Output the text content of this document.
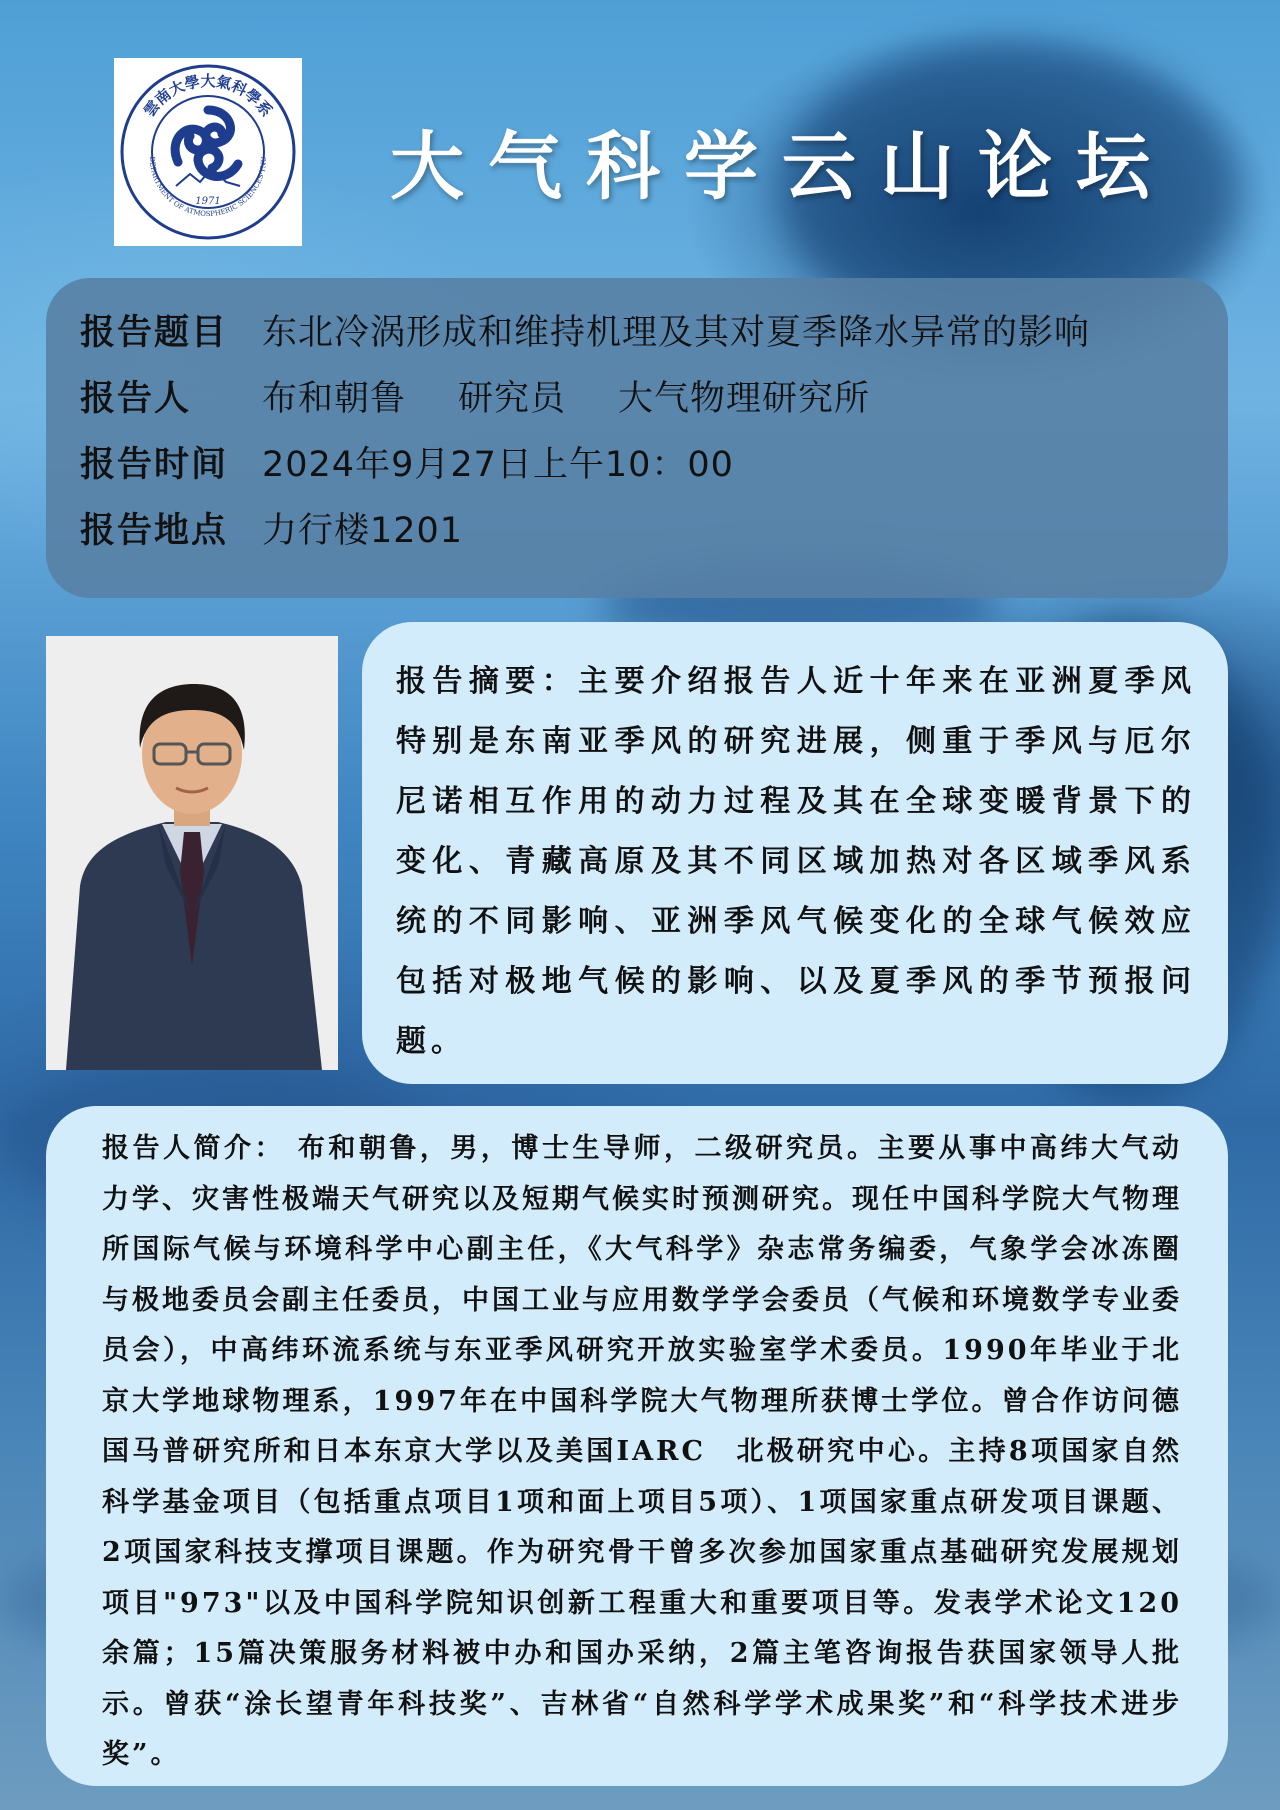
雲南大學大氣科學系
DEPARTMENT OF ATMOSPHERIC SCIENCES·YNU
1971 大气科学云山论坛
报告题目 东北冷涡形成和维持机理及其对夏季降水异常的影响
报告人	布和朝鲁 研究员 大气物理研究所
报告时间 2024年9月27日上午10：00
报告地点 力行楼1201
报告摘要：主要介绍报告人近十年来在亚洲夏季风特别是东南亚季风的研究进展，侧重于季风与厄尔尼诺相互作用的动力过程及其在全球变暖背景下的变化、青藏高原及其不同区域加热对各区域季风系统的不同影响、亚洲季风气候变化的全球气候效应包括对极地气候的影响、以及夏季风的季节预报问题。
报告人简介： 布和朝鲁，男，博士生导师，二级研究员。主要从事中高纬大气动力学、灾害性极端天气研究以及短期气候实时预测研究。现任中国科学院大气物理所国际气候与环境科学中心副主任，《大气科学》杂志常务编委，气象学会冰冻圈与极地委员会副主任委员，中国工业与应用数学学会委员（气候和环境数学专业委员会），中高纬环流系统与东亚季风研究开放实验室学术委员。1990年毕业于北京大学地球物理系，1997年在中国科学院大气物理所获博士学位。曾合作访问德国马普研究所和日本东京大学以及美国IARC　北极研究中心。主持8项国家自然科学基金项目（包括重点项目1项和面上项目5项）、1项国家重点研发项目课题、2项国家科技支撑项目课题。作为研究骨干曾多次参加国家重点基础研究发展规划项目"973"以及中国科学院知识创新工程重大和重要项目等。发表学术论文120　余篇；15篇决策服务材料被中办和国办采纳，2篇主笔咨询报告获国家领导人批示。曾获“涂长望青年科技奖”、吉林省“自然科学学术成果奖”和“科学技术进步奖”。
